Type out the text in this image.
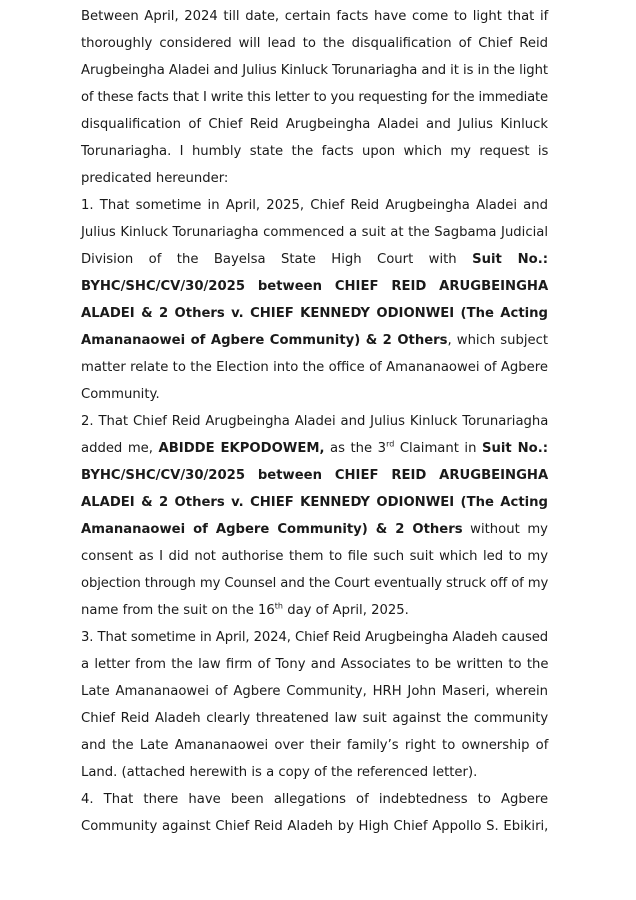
Between April, 2024 till date, certain facts have come to light that if
thoroughly considered will lead to the disqualification of Chief Reid
Arugbeingha Aladei and Julius Kinluck Torunariagha and it is in the light
of these facts that I write this letter to you requesting for the immediate
disqualification of Chief Reid Arugbeingha Aladei and Julius Kinluck
Torunariagha. I humbly state the facts upon which my request is
predicated hereunder:
1. That sometime in April, 2025, Chief Reid Arugbeingha Aladei and
Julius Kinluck Torunariagha commenced a suit at the Sagbama Judicial
Division of the Bayelsa State High Court with Suit No.:
BYHC/SHC/CV/30/2025 between CHIEF REID ARUGBEINGHA
ALADEI & 2 Others v. CHIEF KENNEDY ODIONWEI (The Acting
Amananaowei of Agbere Community) & 2 Others, which subject
matter relate to the Election into the office of Amananaowei of Agbere
Community.
2. That Chief Reid Arugbeingha Aladei and Julius Kinluck Torunariagha
added me, ABIDDE EKPODOWEM, as the 3rd Claimant in Suit No.:
BYHC/SHC/CV/30/2025 between CHIEF REID ARUGBEINGHA
ALADEI & 2 Others v. CHIEF KENNEDY ODIONWEI (The Acting
Amananaowei of Agbere Community) & 2 Others without my
consent as I did not authorise them to file such suit which led to my
objection through my Counsel and the Court eventually struck off of my
name from the suit on the 16th day of April, 2025.
3. That sometime in April, 2024, Chief Reid Arugbeingha Aladeh caused
a letter from the law firm of Tony and Associates to be written to the
Late Amananaowei of Agbere Community, HRH John Maseri, wherein
Chief Reid Aladeh clearly threatened law suit against the community
and the Late Amananaowei over their family’s right to ownership of
Land. (attached herewith is a copy of the referenced letter).
4. That there have been allegations of indebtedness to Agbere
Community against Chief Reid Aladeh by High Chief Appollo S. Ebikiri,
